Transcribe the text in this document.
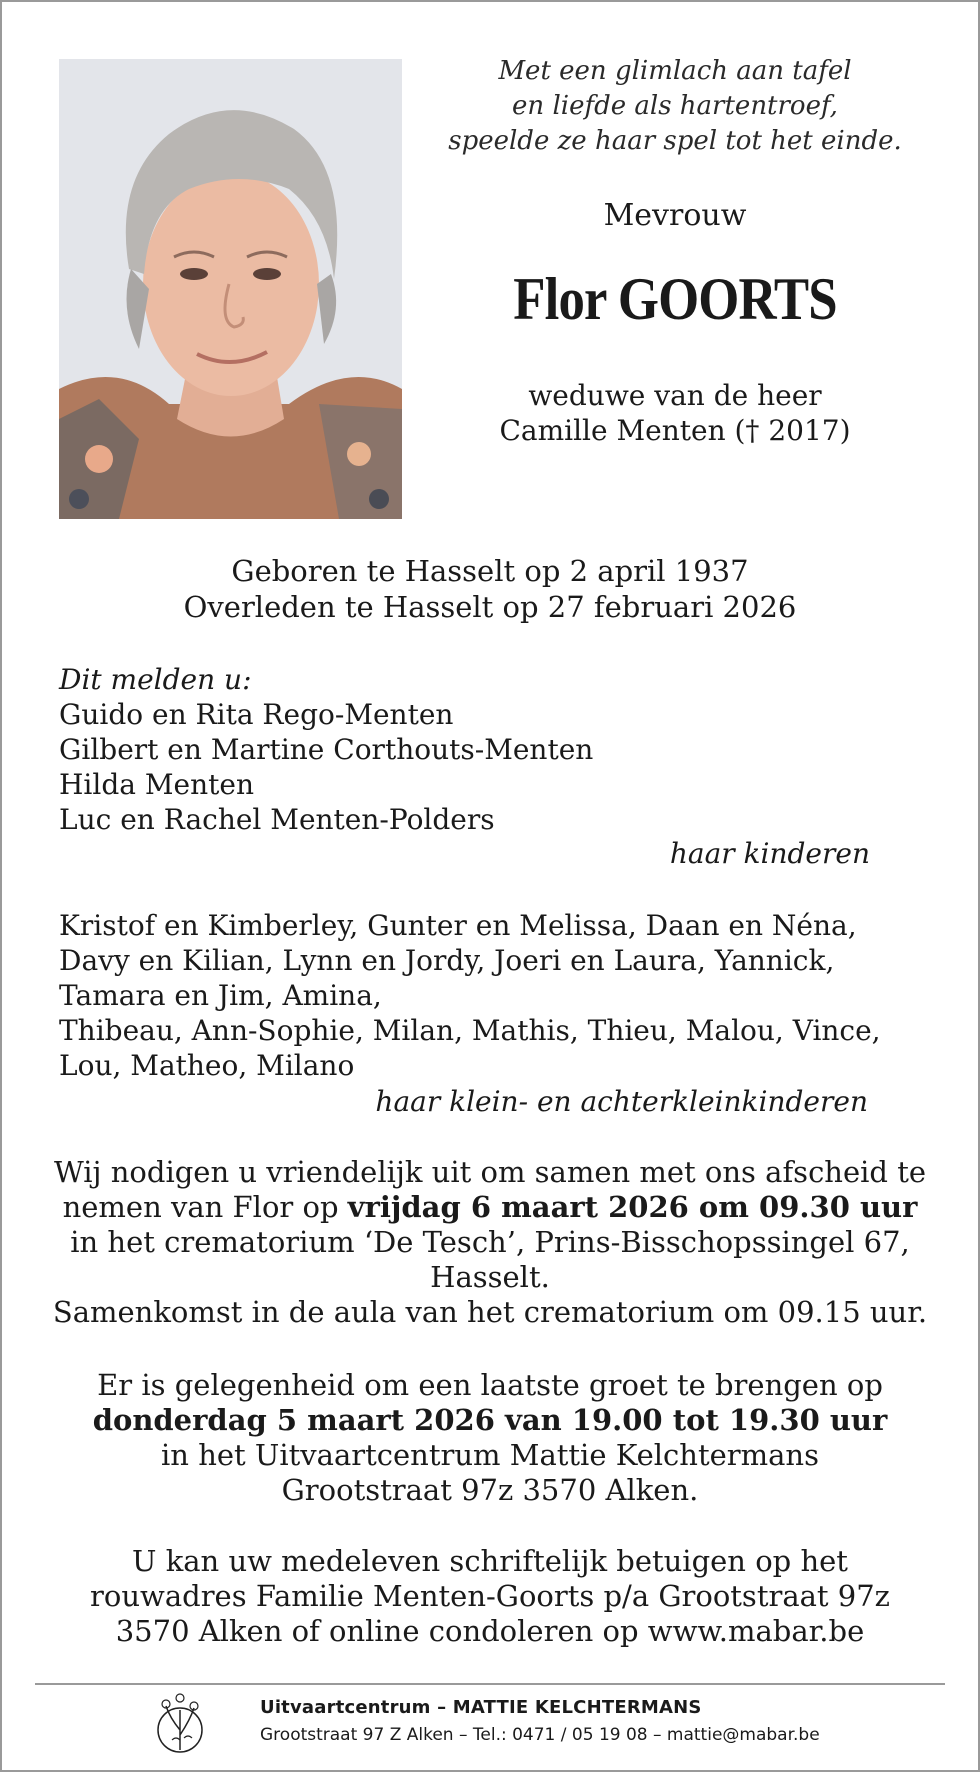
Met een glimlach aan tafel
en liefde als hartentroef,
speelde ze haar spel tot het einde.
Mevrouw
Flor GOORTS
weduwe van de heer
Camille Menten († 2017)
Geboren te Hasselt op 2 april 1937
Overleden te Hasselt op 27 februari 2026
Dit melden u:
Guido en Rita Rego-Menten
Gilbert en Martine Corthouts-Menten
Hilda Menten
Luc en Rachel Menten-Polders
haar kinderen
Kristof en Kimberley, Gunter en Melissa, Daan en Néna,
Davy en Kilian, Lynn en Jordy, Joeri en Laura, Yannick,
Tamara en Jim, Amina,
Thibeau, Ann-Sophie, Milan, Mathis, Thieu, Malou, Vince,
Lou, Matheo, Milano
haar klein- en achterkleinkinderen
Wij nodigen u vriendelijk uit om samen met ons afscheid te
nemen van Flor op vrijdag 6 maart 2026 om 09.30 uur
in het crematorium ‘De Tesch’, Prins-Bisschopssingel 67,
Hasselt.
Samenkomst in de aula van het crematorium om 09.15 uur.
Er is gelegenheid om een laatste groet te brengen op
donderdag 5 maart 2026 van 19.00 tot 19.30 uur
in het Uitvaartcentrum Mattie Kelchtermans
Grootstraat 97z 3570 Alken.
U kan uw medeleven schriftelijk betuigen op het
rouwadres Familie Menten-Goorts p/a Grootstraat 97z
3570 Alken of online condoleren op www.mabar.be
Uitvaartcentrum – MATTIE KELCHTERMANS
Grootstraat 97 Z Alken – Tel.: 0471 / 05 19 08 – mattie@mabar.be
